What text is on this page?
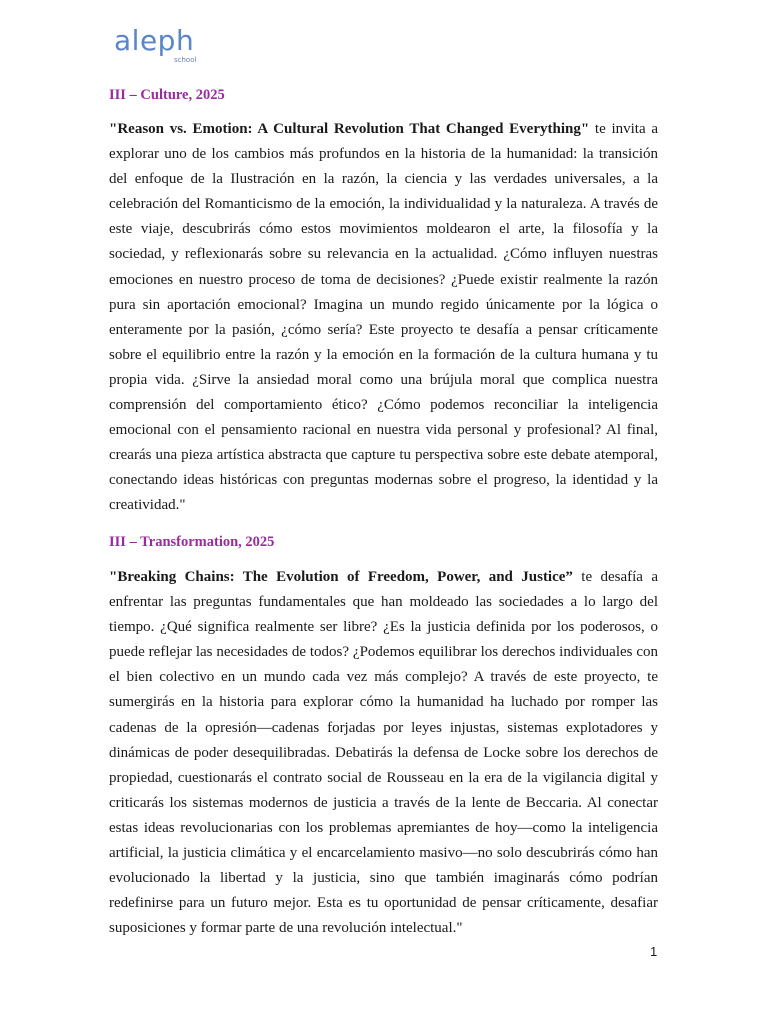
aleph
school
III – Culture, 2025

"Reason vs. Emotion: A Cultural Revolution That Changed Everything" te invita a explorar uno de los cambios más profundos en la historia de la humanidad: la transición del enfoque de la Ilustración en la razón, la ciencia y las verdades universales, a la celebración del Romanticismo de la emoción, la individualidad y la naturaleza. A través de este viaje, descubrirás cómo estos movimientos moldearon el arte, la filosofía y la sociedad, y reflexionarás sobre su relevancia en la actualidad. ¿Cómo influyen nuestras emociones en nuestro proceso de toma de decisiones? ¿Puede existir realmente la razón pura sin aportación emocional? Imagina un mundo regido únicamente por la lógica o enteramente por la pasión, ¿cómo sería? Este proyecto te desafía a pensar críticamente sobre el equilibrio entre la razón y la emoción en la formación de la cultura humana y tu propia vida. ¿Sirve la ansiedad moral como una brújula moral que complica nuestra comprensión del comportamiento ético? ¿Cómo podemos reconciliar la inteligencia emocional con el pensamiento racional en nuestra vida personal y profesional? Al final, crearás una pieza artística abstracta que capture tu perspectiva sobre este debate atemporal, conectando ideas históricas con preguntas modernas sobre el progreso, la identidad y la creatividad."

III – Transformation, 2025

"Breaking Chains: The Evolution of Freedom, Power, and Justice” te desafía a enfrentar las preguntas fundamentales que han moldeado las sociedades a lo largo del tiempo. ¿Qué significa realmente ser libre? ¿Es la justicia definida por los poderosos, o puede reflejar las necesidades de todos? ¿Podemos equilibrar los derechos individuales con el bien colectivo en un mundo cada vez más complejo? A través de este proyecto, te sumergirás en la historia para explorar cómo la humanidad ha luchado por romper las cadenas de la opresión—cadenas forjadas por leyes injustas, sistemas explotadores y dinámicas de poder desequilibradas. Debatirás la defensa de Locke sobre los derechos de propiedad, cuestionarás el contrato social de Rousseau en la era de la vigilancia digital y criticarás los sistemas modernos de justicia a través de la lente de Beccaria. Al conectar estas ideas revolucionarias con los problemas apremiantes de hoy—como la inteligencia artificial, la justicia climática y el encarcelamiento masivo—no solo descubrirás cómo han evolucionado la libertad y la justicia, sino que también imaginarás cómo podrían redefinirse para un futuro mejor. Esta es tu oportunidad de pensar críticamente, desafiar suposiciones y formar parte de una revolución intelectual."

1
